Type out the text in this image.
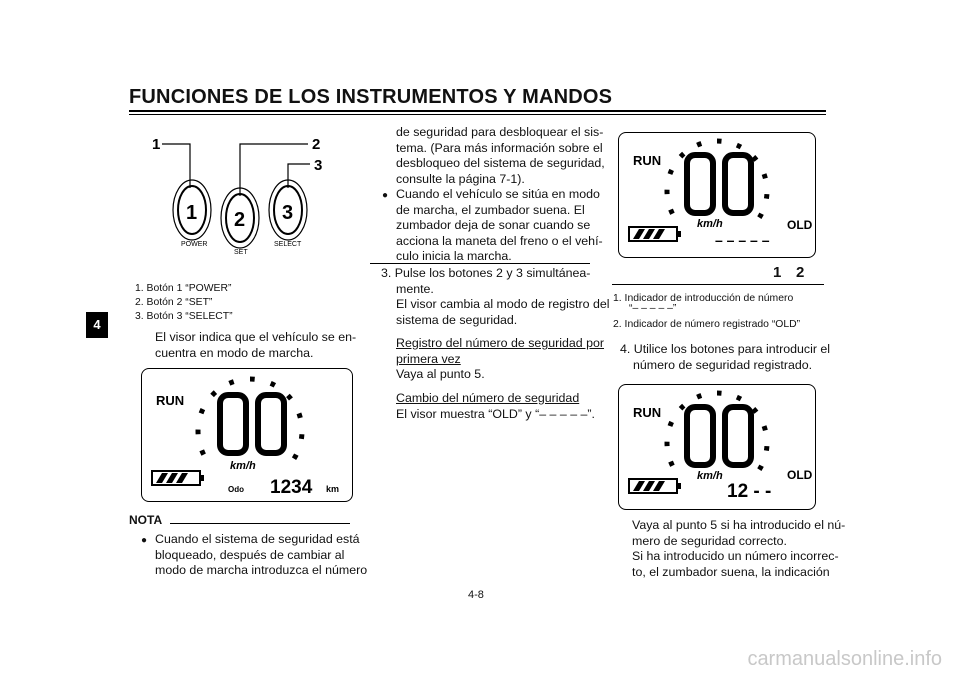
FUNCIONES DE LOS INSTRUMENTOS Y MANDOS
4
1	2
3
1
POWER
2
SET
3
SELECT
1. Botón 1 “POWER”
2. Botón 2 “SET”
3. Botón 3 “SELECT”
El visor indica que el vehículo se en-
cuentra en modo de marcha.
RUN
km/h
Odo 1234 km
NOTA
● Cuando el sistema de seguridad está
bloqueado, después de cambiar al
modo de marcha introduzca el número
de seguridad para desbloquear el sis-
tema. (Para más información sobre el
desbloqueo del sistema de seguridad,
consulte la página 7-1).
● Cuando el vehículo se sitúa en modo
de marcha, el zumbador suena. El
zumbador deja de sonar cuando se
acciona la maneta del freno o el vehí-
culo inicia la marcha.
3. Pulse los botones 2 y 3 simultánea-
mente.
El visor cambia al modo de registro del
sistema de seguridad.
Registro del número de seguridad por
primera vez
Vaya al punto 5.
Cambio del número de seguridad
El visor muestra “OLD” y “– – – – –”.
RUN
km/h	OLD
– – – – –
1 2
1. Indicador de introducción de número
“– – – – –”
2. Indicador de número registrado “OLD”
4. Utilice los botones para introducir el
número de seguridad registrado.
RUN
km/h	OLD
12 - -
Vaya al punto 5 si ha introducido el nú-
mero de seguridad correcto.
Si ha introducido un número incorrec-
to, el zumbador suena, la indicación
4-8
carmanualsonline.info
